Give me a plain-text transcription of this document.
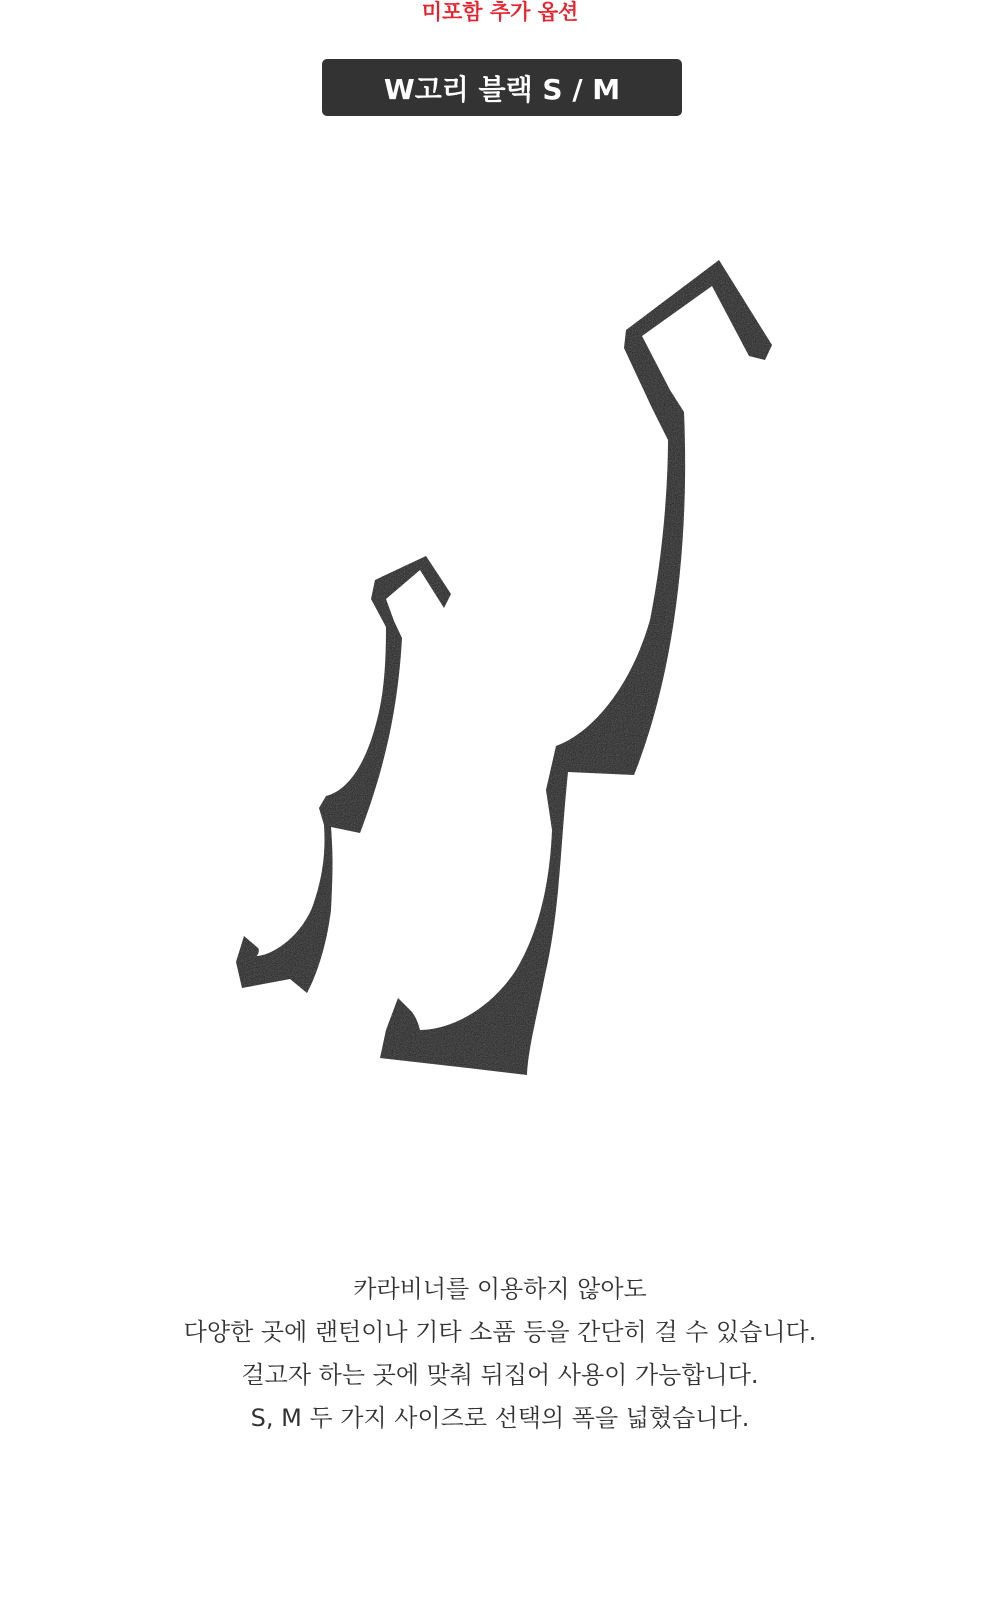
미포함 추가 옵션

W고리 블랙 S / M

카라비너를 이용하지 않아도

다양한 곳에 랜턴이나 기타 소품 등을 간단히 걸 수 있습니다.

걸고자 하는 곳에 맞춰 뒤집어 사용이 가능합니다.

S, M 두 가지 사이즈로 선택의 폭을 넓혔습니다.
